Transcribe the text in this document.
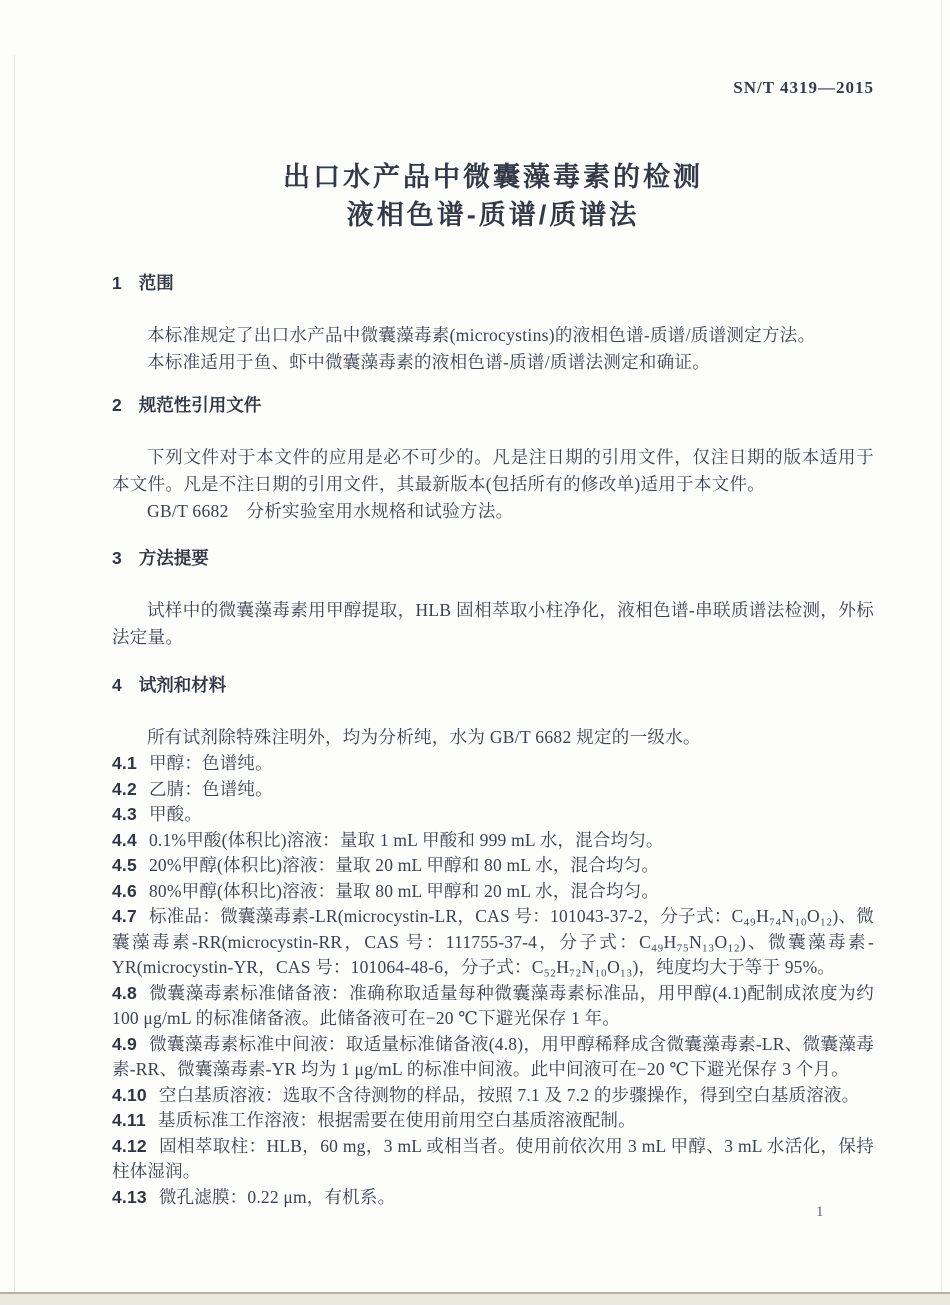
SN/T 4319—2015
出口水产品中微囊藻毒素的检测
液相色谱-质谱/质谱法
1 范围

本标准规定了出口水产品中微囊藻毒素(microcystins)的液相色谱-质谱/质谱测定方法。

本标准适用于鱼、虾中微囊藻毒素的液相色谱-质谱/质谱法测定和确证。

2 规范性引用文件

下列文件对于本文件的应用是必不可少的。凡是注日期的引用文件，仅注日期的版本适用于本文件。凡是不注日期的引用文件，其最新版本(包括所有的修改单)适用于本文件。

GB/T 6682　分析实验室用水规格和试验方法。

3 方法提要

试样中的微囊藻毒素用甲醇提取，HLB 固相萃取小柱净化，液相色谱-串联质谱法检测，外标法定量。

4 试剂和材料

所有试剂除特殊注明外，均为分析纯，水为 GB/T 6682 规定的一级水。

4.1 甲醇：色谱纯。
4.2 乙腈：色谱纯。
4.3 甲酸。
4.4 0.1%甲酸(体积比)溶液：量取 1 mL 甲酸和 999 mL 水，混合均匀。
4.5 20%甲醇(体积比)溶液：量取 20 mL 甲醇和 80 mL 水，混合均匀。
4.6 80%甲醇(体积比)溶液：量取 80 mL 甲醇和 20 mL 水，混合均匀。
4.7 标准品：微囊藻毒素-LR(microcystin-LR，CAS 号：101043-37-2，分子式：C₄₉H₇₄N₁₀O₁₂)、微囊藻毒素-RR(microcystin-RR，CAS 号：111755-37-4，分子式：C₄₉H₇₅N₁₃O₁₂)、微囊藻毒素-YR(microcystin-YR，CAS 号：101064-48-6，分子式：C₅₂H₇₂N₁₀O₁₃)，纯度均大于等于 95%。
4.8 微囊藻毒素标准储备液：准确称取适量每种微囊藻毒素标准品，用甲醇(4.1)配制成浓度为约 100 μg/mL 的标准储备液。此储备液可在−20 ℃下避光保存 1 年。
4.9 微囊藻毒素标准中间液：取适量标准储备液(4.8)，用甲醇稀释成含微囊藻毒素-LR、微囊藻毒素-RR、微囊藻毒素-YR 均为 1 μg/mL 的标准中间液。此中间液可在−20 ℃下避光保存 3 个月。
4.10 空白基质溶液：选取不含待测物的样品，按照 7.1 及 7.2 的步骤操作，得到空白基质溶液。
4.11 基质标准工作溶液：根据需要在使用前用空白基质溶液配制。
4.12 固相萃取柱：HLB，60 mg，3 mL 或相当者。使用前依次用 3 mL 甲醇、3 mL 水活化，保持柱体湿润。
4.13 微孔滤膜：0.22 μm，有机系。
1
